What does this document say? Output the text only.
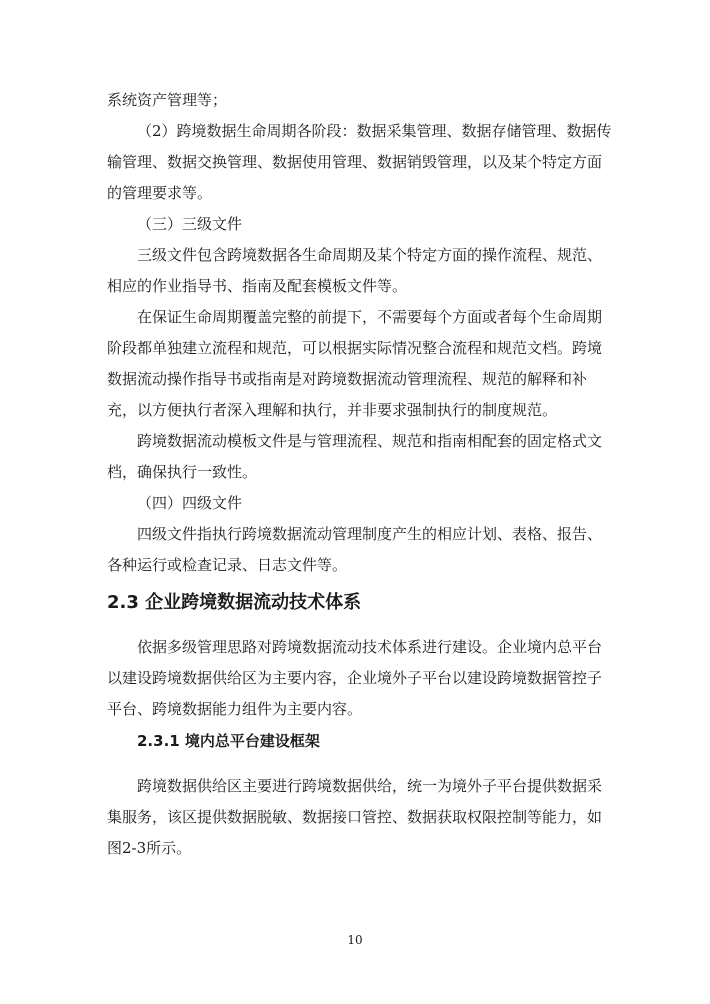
系统资产管理等；

（2）跨境数据生命周期各阶段：数据采集管理、数据存储管理、数据传

输管理、数据交换管理、数据使用管理、数据销毁管理，以及某个特定方面

的管理要求等。

（三）三级文件

三级文件包含跨境数据各生命周期及某个特定方面的操作流程、规范、

相应的作业指导书、指南及配套模板文件等。

在保证生命周期覆盖完整的前提下，不需要每个方面或者每个生命周期

阶段都单独建立流程和规范，可以根据实际情况整合流程和规范文档。跨境

数据流动操作指导书或指南是对跨境数据流动管理流程、规范的解释和补

充，以方便执行者深入理解和执行，并非要求强制执行的制度规范。

跨境数据流动模板文件是与管理流程、规范和指南相配套的固定格式文

档，确保执行一致性。

（四）四级文件

四级文件指执行跨境数据流动管理制度产生的相应计划、表格、报告、

各种运行或检查记录、日志文件等。

2.3 企业跨境数据流动技术体系

依据多级管理思路对跨境数据流动技术体系进行建设。企业境内总平台

以建设跨境数据供给区为主要内容，企业境外子平台以建设跨境数据管控子

平台、跨境数据能力组件为主要内容。

2.3.1 境内总平台建设框架

跨境数据供给区主要进行跨境数据供给，统一为境外子平台提供数据采

集服务，该区提供数据脱敏、数据接口管控、数据获取权限控制等能力，如

图2-3所示。

10
